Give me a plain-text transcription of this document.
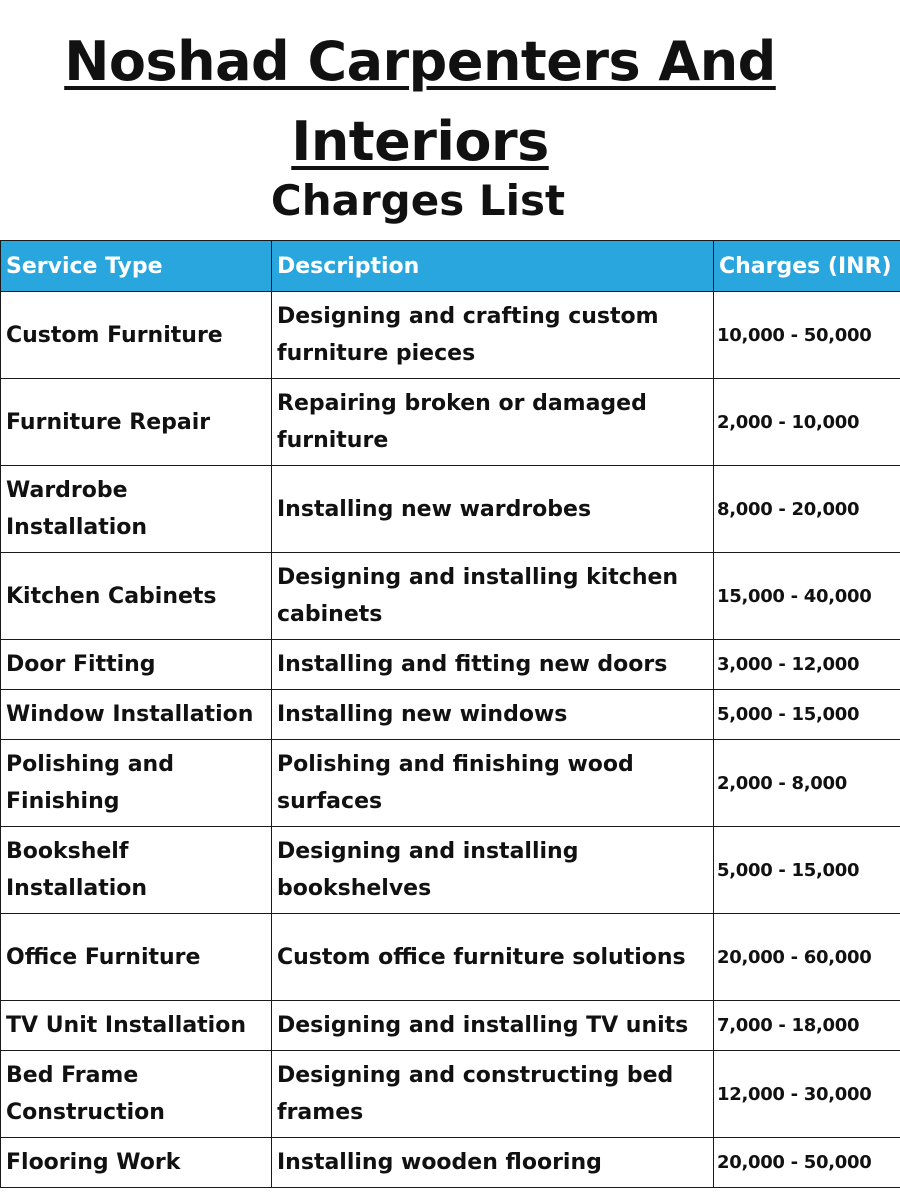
Noshad Carpenters And Interiors
Charges List
Service Type	Description	Charges (INR)
Custom Furniture	Designing and crafting custom furniture pieces	10,000 - 50,000
Furniture Repair	Repairing broken or damaged furniture	2,000 - 10,000
Wardrobe Installation	Installing new wardrobes	8,000 - 20,000
Kitchen Cabinets	Designing and installing kitchen cabinets	15,000 - 40,000
Door Fitting	Installing and fitting new doors	3,000 - 12,000
Window Installation	Installing new windows	5,000 - 15,000
Polishing and Finishing	Polishing and finishing wood surfaces	2,000 - 8,000
Bookshelf Installation	Designing and installing bookshelves	5,000 - 15,000
Office Furniture	Custom office furniture solutions	20,000 - 60,000
TV Unit Installation	Designing and installing TV units	7,000 - 18,000
Bed Frame Construction	Designing and constructing bed frames	12,000 - 30,000
Flooring Work	Installing wooden flooring	20,000 - 50,000
